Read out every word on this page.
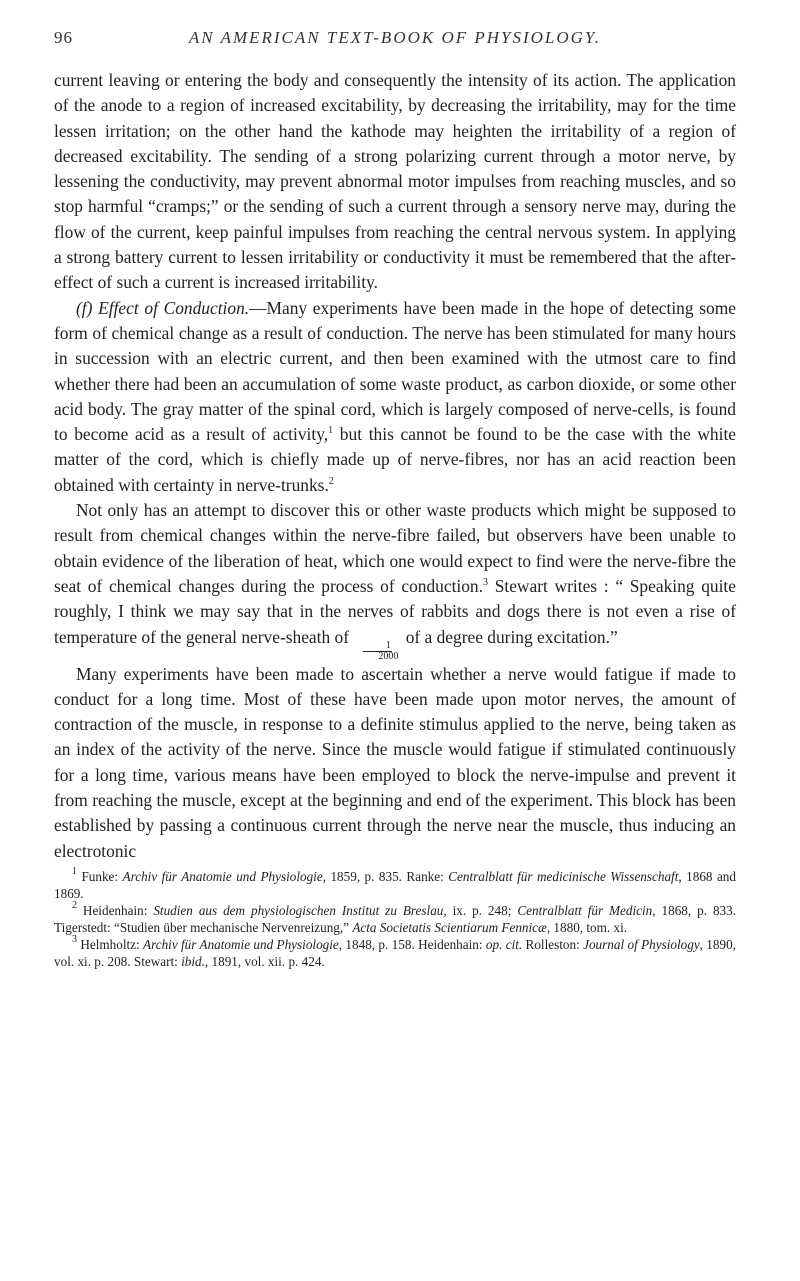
96	AN AMERICAN TEXT-BOOK OF PHYSIOLOGY.

current leaving or entering the body and consequently the intensity of its action. The application of the anode to a region of increased excitability, by decreasing the irritability, may for the time lessen irritation; on the other hand the kathode may heighten the irritability of a region of decreased excitability. The sending of a strong polarizing current through a motor nerve, by lessening the conductivity, may prevent abnormal motor impulses from reaching muscles, and so stop harmful “cramps;” or the sending of such a current through a sensory nerve may, during the flow of the current, keep painful impulses from reaching the central nervous system. In applying a strong battery current to lessen irritability or conductivity it must be remembered that the after-effect of such a current is increased irritability.

(f) Effect of Conduction.—Many experiments have been made in the hope of detecting some form of chemical change as a result of conduction. The nerve has been stimulated for many hours in succession with an electric current, and then been examined with the utmost care to find whether there had been an accumulation of some waste product, as carbon dioxide, or some other acid body. The gray matter of the spinal cord, which is largely composed of nerve-cells, is found to become acid as a result of activity,$^1$ but this cannot be found to be the case with the white matter of the cord, which is chiefly made up of nerve-fibres, nor has an acid reaction been obtained with certainty in nerve-trunks.$^2$

Not only has an attempt to discover this or other waste products which might be supposed to result from chemical changes within the nerve-fibre failed, but observers have been unable to obtain evidence of the liberation of heat, which one would expect to find were the nerve-fibre the seat of chemical changes during the process of conduction.$^3$ Stewart writes : “ Speaking quite roughly, I think we may say that in the nerves of rabbits and dogs there is not even a rise of temperature of the general nerve-sheath of
$\frac{1}{2000}$
of a degree during excitation.”

Many experiments have been made to ascertain whether a nerve would fatigue if made to conduct for a long time. Most of these have been made upon motor nerves, the amount of contraction of the muscle, in response to a definite stimulus applied to the nerve, being taken as an index of the activity of the nerve. Since the muscle would fatigue if stimulated continuously for a long time, various means have been employed to block the nerve-impulse and prevent it from reaching the muscle, except at the beginning and end of the experiment. This block has been established by passing a continuous current through the nerve near the muscle, thus inducing an electrotonic

$^1$ Funke: Archiv für Anatomie und Physiologie, 1859, p. 835. Ranke: Centralblatt für medicinische Wissenschaft, 1868 and 1869.

$^2$ Heidenhain: Studien aus dem physiologischen Institut zu Breslau, ix. p. 248; Centralblatt für Medicin, 1868, p. 833. Tigerstedt: “Studien über mechanische Nervenreizung,” Acta Societatis Scientiarum Fennicæ, 1880, tom. xi.

$^3$ Helmholtz: Archiv für Anatomie und Physiologie, 1848, p. 158. Heidenhain: op. cit. Rolleston: Journal of Physiology, 1890, vol. xi. p. 208. Stewart: ibid., 1891, vol. xii. p. 424.
